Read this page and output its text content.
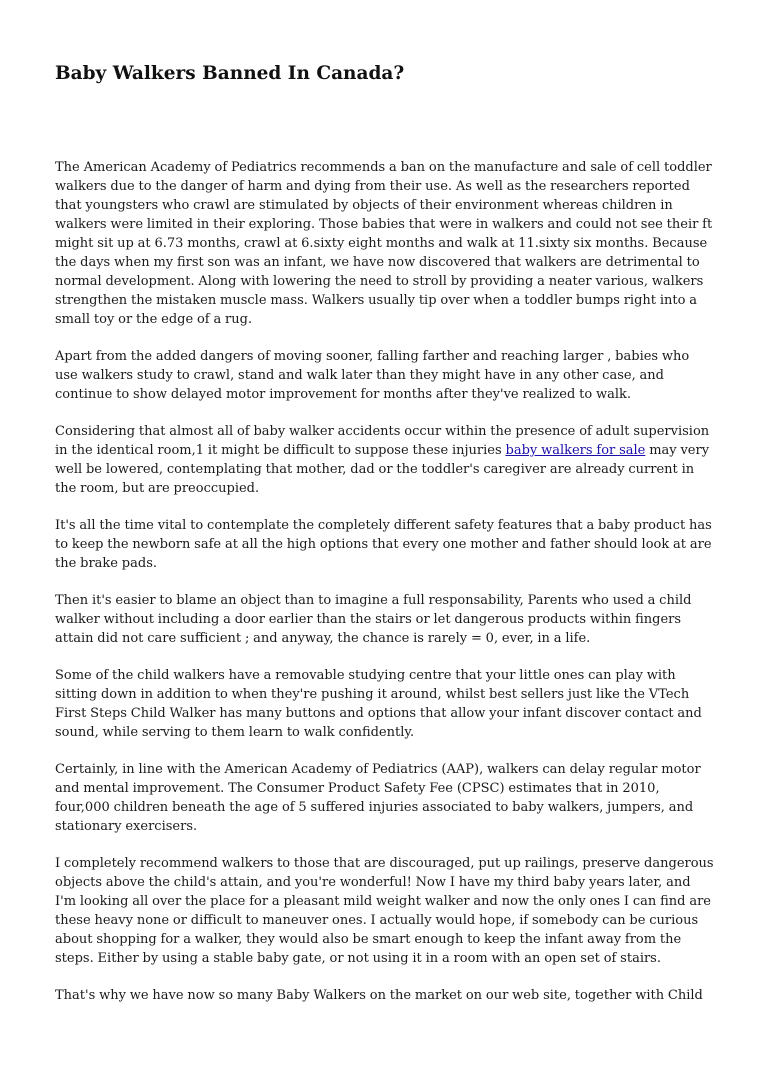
Baby Walkers Banned In Canada?

The American Academy of Pediatrics recommends a ban on the manufacture and sale of cell toddler walkers due to the danger of harm and dying from their use. As well as the researchers reported that youngsters who crawl are stimulated by objects of their environment whereas children in walkers were limited in their exploring. Those babies that were in walkers and could not see their ft might sit up at 6.73 months, crawl at 6.sixty eight months and walk at 11.sixty six months. Because the days when my first son was an infant, we have now discovered that walkers are detrimental to normal development. Along with lowering the need to stroll by providing a neater various, walkers strengthen the mistaken muscle mass. Walkers usually tip over when a toddler bumps right into a small toy or the edge of a rug.

Apart from the added dangers of moving sooner, falling farther and reaching larger , babies who use walkers study to crawl, stand and walk later than they might have in any other case, and continue to show delayed motor improvement for months after they've realized to walk.

Considering that almost all of baby walker accidents occur within the presence of adult supervision in the identical room,1 it might be difficult to suppose these injuries baby walkers for sale may very well be lowered, contemplating that mother, dad or the toddler's caregiver are already current in the room, but are preoccupied.

It's all the time vital to contemplate the completely different safety features that a baby product has to keep the newborn safe at all the high options that every one mother and father should look at are the brake pads.

Then it's easier to blame an object than to imagine a full responsability, Parents who used a child walker without including a door earlier than the stairs or let dangerous products within fingers attain did not care sufficient ; and anyway, the chance is rarely = 0, ever, in a life.

Some of the child walkers have a removable studying centre that your little ones can play with sitting down in addition to when they're pushing it around, whilst best sellers just like the VTech First Steps Child Walker has many buttons and options that allow your infant discover contact and sound, while serving to them learn to walk confidently.

Certainly, in line with the American Academy of Pediatrics (AAP), walkers can delay regular motor and mental improvement. The Consumer Product Safety Fee (CPSC) estimates that in 2010, four,000 children beneath the age of 5 suffered injuries associated to baby walkers, jumpers, and stationary exercisers.

I completely recommend walkers to those that are discouraged, put up railings, preserve dangerous objects above the child's attain, and you're wonderful! Now I have my third baby years later, and I'm looking all over the place for a pleasant mild weight walker and now the only ones I can find are these heavy none or difficult to maneuver ones. I actually would hope, if somebody can be curious about shopping for a walker, they would also be smart enough to keep the infant away from the steps. Either by using a stable baby gate, or not using it in a room with an open set of stairs.

That's why we have now so many Baby Walkers on the market on our web site, together with Child
